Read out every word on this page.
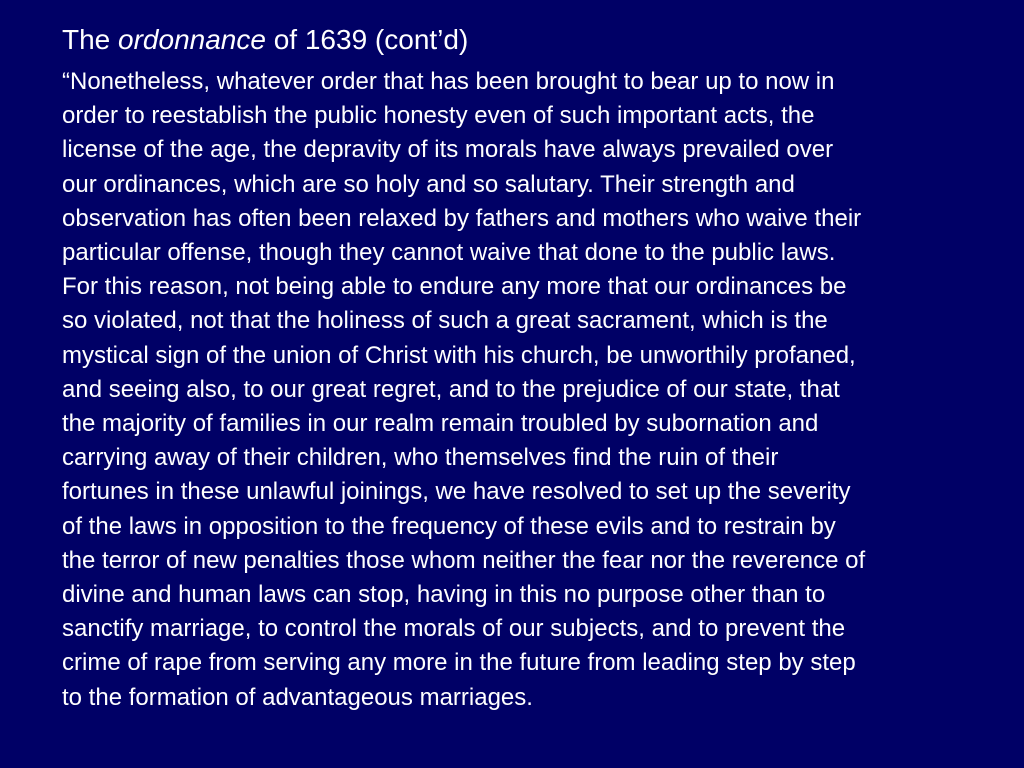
The ordonnance of 1639 (cont’d)

“Nonetheless, whatever order that has been brought to bear up to now in
order to reestablish the public honesty even of such important acts, the
license of the age, the depravity of its morals have always prevailed over
our ordinances, which are so holy and so salutary. Their strength and
observation has often been relaxed by fathers and mothers who waive their
particular offense, though they cannot waive that done to the public laws.
For this reason, not being able to endure any more that our ordinances be
so violated, not that the holiness of such a great sacrament, which is the
mystical sign of the union of Christ with his church, be unworthily profaned,
and seeing also, to our great regret, and to the prejudice of our state, that
the majority of families in our realm remain troubled by subornation and
carrying away of their children, who themselves find the ruin of their
fortunes in these unlawful joinings, we have resolved to set up the severity
of the laws in opposition to the frequency of these evils and to restrain by
the terror of new penalties those whom neither the fear nor the reverence of
divine and human laws can stop, having in this no purpose other than to
sanctify marriage, to control the morals of our subjects, and to prevent the
crime of rape from serving any more in the future from leading step by step
to the formation of advantageous marriages.
